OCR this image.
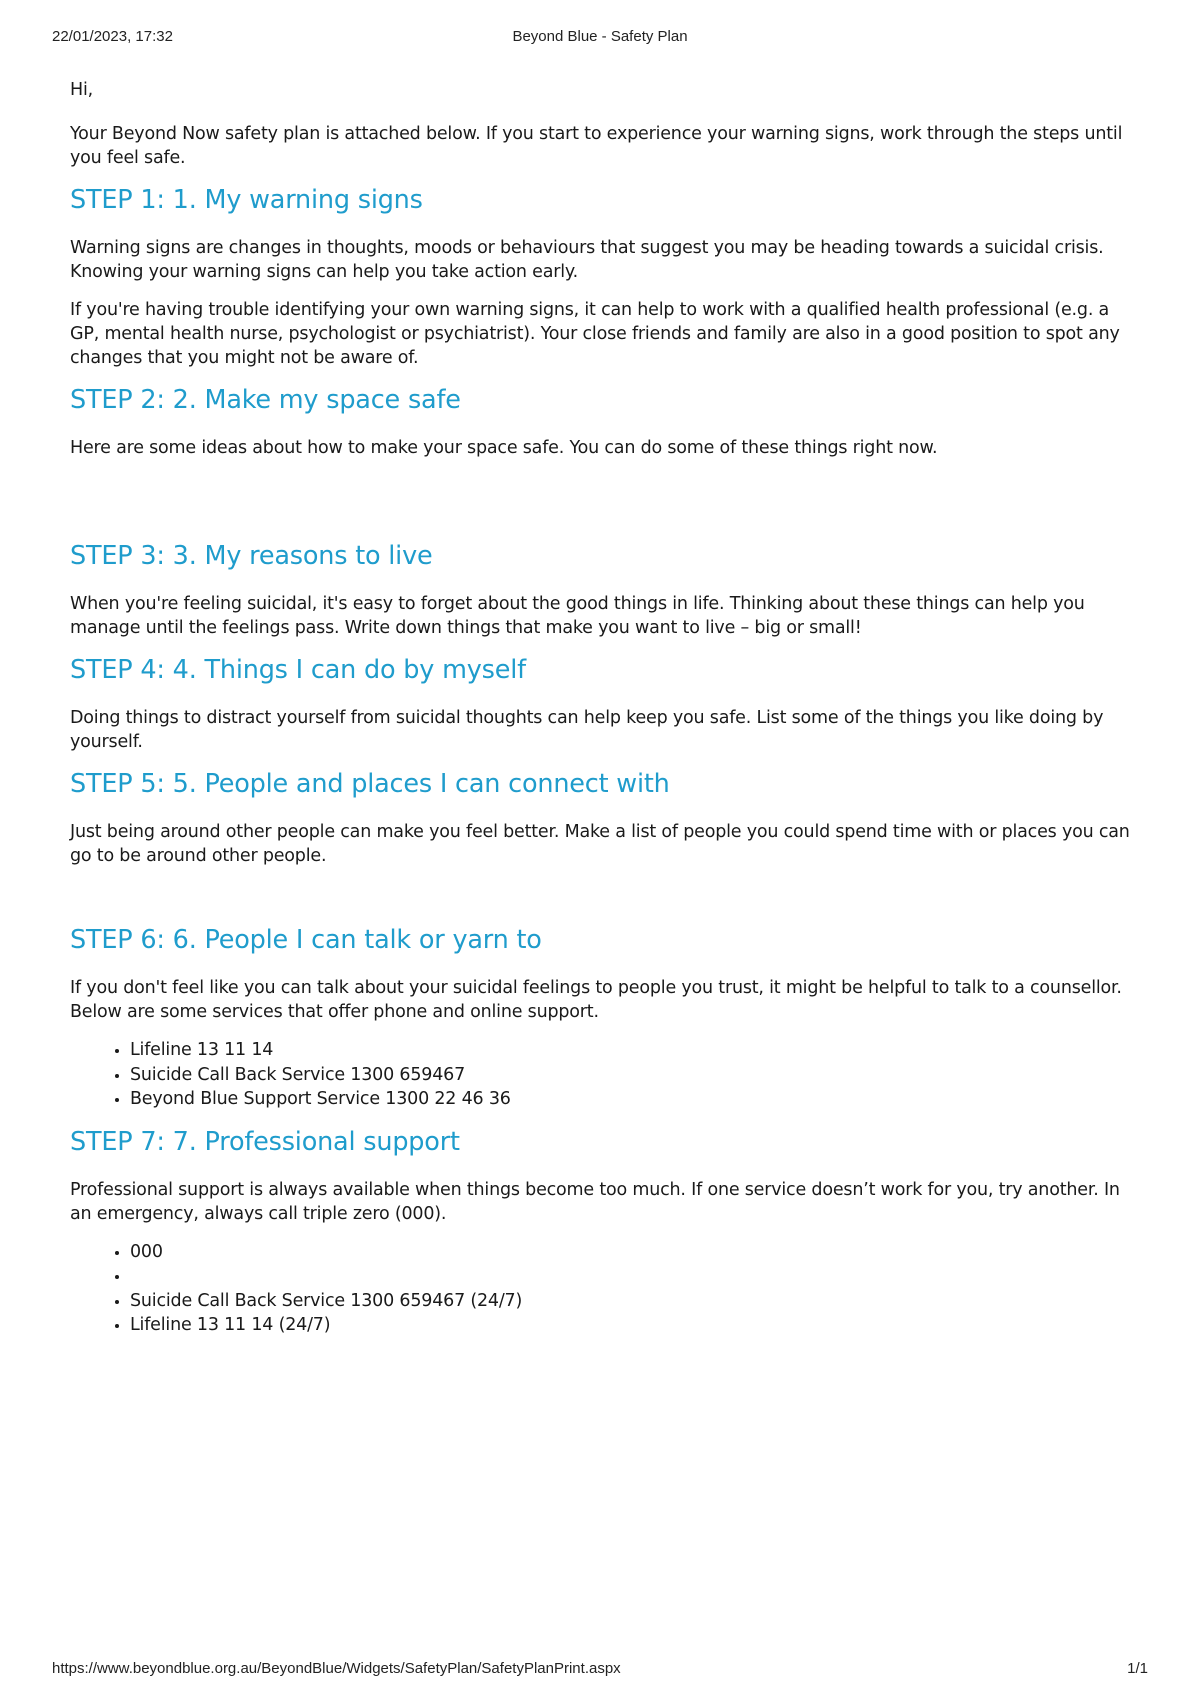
22/01/2023, 17:32	Beyond Blue - Safety Plan

Hi,

Your Beyond Now safety plan is attached below. If you start to experience your warning signs, work through the steps until you feel safe.

STEP 1: 1. My warning signs

Warning signs are changes in thoughts, moods or behaviours that suggest you may be heading towards a suicidal crisis. Knowing your warning signs can help you take action early.

If you're having trouble identifying your own warning signs, it can help to work with a qualified health professional (e.g. a GP, mental health nurse, psychologist or psychiatrist). Your close friends and family are also in a good position to spot any changes that you might not be aware of.

STEP 2: 2. Make my space safe

Here are some ideas about how to make your space safe. You can do some of these things right now.

STEP 3: 3. My reasons to live

When you're feeling suicidal, it's easy to forget about the good things in life. Thinking about these things can help you manage until the feelings pass. Write down things that make you want to live – big or small!

STEP 4: 4. Things I can do by myself

Doing things to distract yourself from suicidal thoughts can help keep you safe. List some of the things you like doing by yourself.

STEP 5: 5. People and places I can connect with

Just being around other people can make you feel better. Make a list of people you could spend time with or places you can go to be around other people.

STEP 6: 6. People I can talk or yarn to

If you don't feel like you can talk about your suicidal feelings to people you trust, it might be helpful to talk to a counsellor. Below are some services that offer phone and online support.

• Lifeline 13 11 14
• Suicide Call Back Service 1300 659467
• Beyond Blue Support Service 1300 22 46 36
STEP 7: 7. Professional support

Professional support is always available when things become too much. If one service doesn’t work for you, try another. In an emergency, always call triple zero (000).

• 000
•
• Suicide Call Back Service 1300 659467 (24/7)
• Lifeline 13 11 14 (24/7)
https://www.beyondblue.org.au/BeyondBlue/Widgets/SafetyPlan/SafetyPlanPrint.aspx	1/1
